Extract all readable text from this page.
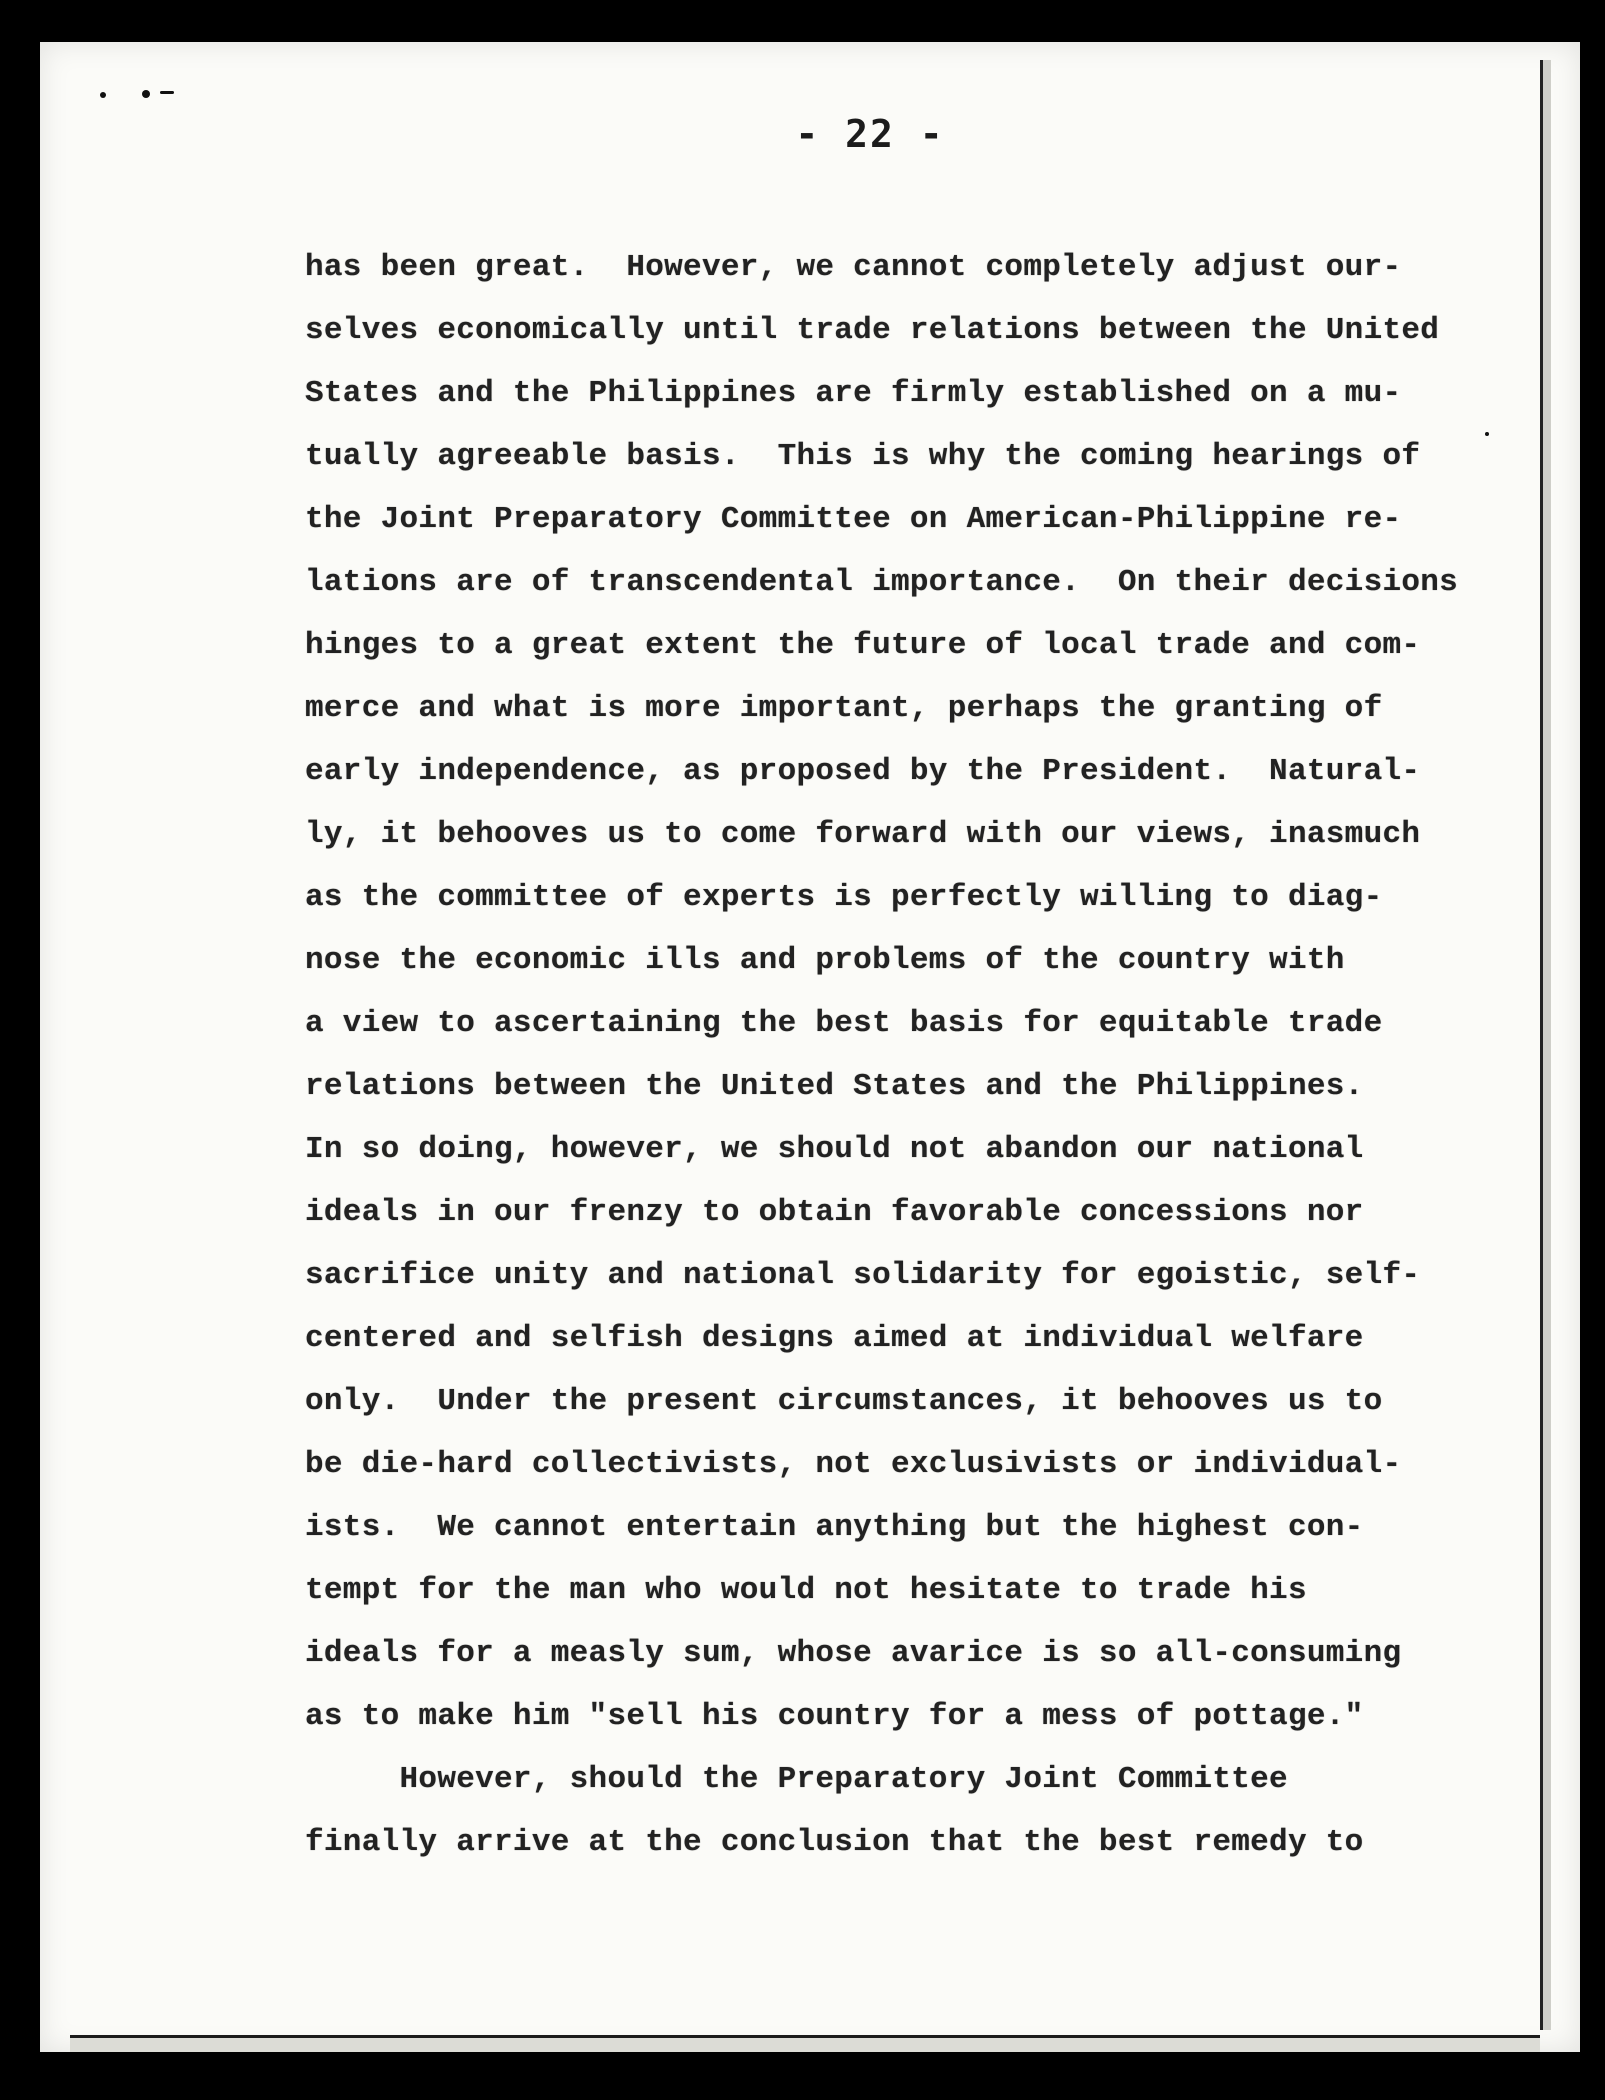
- 22 -
has been great.  However, we cannot completely adjust our-
selves economically until trade relations between the United
States and the Philippines are firmly established on a mu-
tually agreeable basis.  This is why the coming hearings of
the Joint Preparatory Committee on American-Philippine re-
lations are of transcendental importance.  On their decisions
hinges to a great extent the future of local trade and com-
merce and what is more important, perhaps the granting of
early independence, as proposed by the President.  Natural-
ly, it behooves us to come forward with our views, inasmuch
as the committee of experts is perfectly willing to diag-
nose the economic ills and problems of the country with
a view to ascertaining the best basis for equitable trade
relations between the United States and the Philippines.
In so doing, however, we should not abandon our national
ideals in our frenzy to obtain favorable concessions nor
sacrifice unity and national solidarity for egoistic, self-
centered and selfish designs aimed at individual welfare
only.  Under the present circumstances, it behooves us to
be die-hard collectivists, not exclusivists or individual-
ists.  We cannot entertain anything but the highest con-
tempt for the man who would not hesitate to trade his
ideals for a measly sum, whose avarice is so all-consuming
as to make him "sell his country for a mess of pottage."
However, should the Preparatory Joint Committee
finally arrive at the conclusion that the best remedy to
